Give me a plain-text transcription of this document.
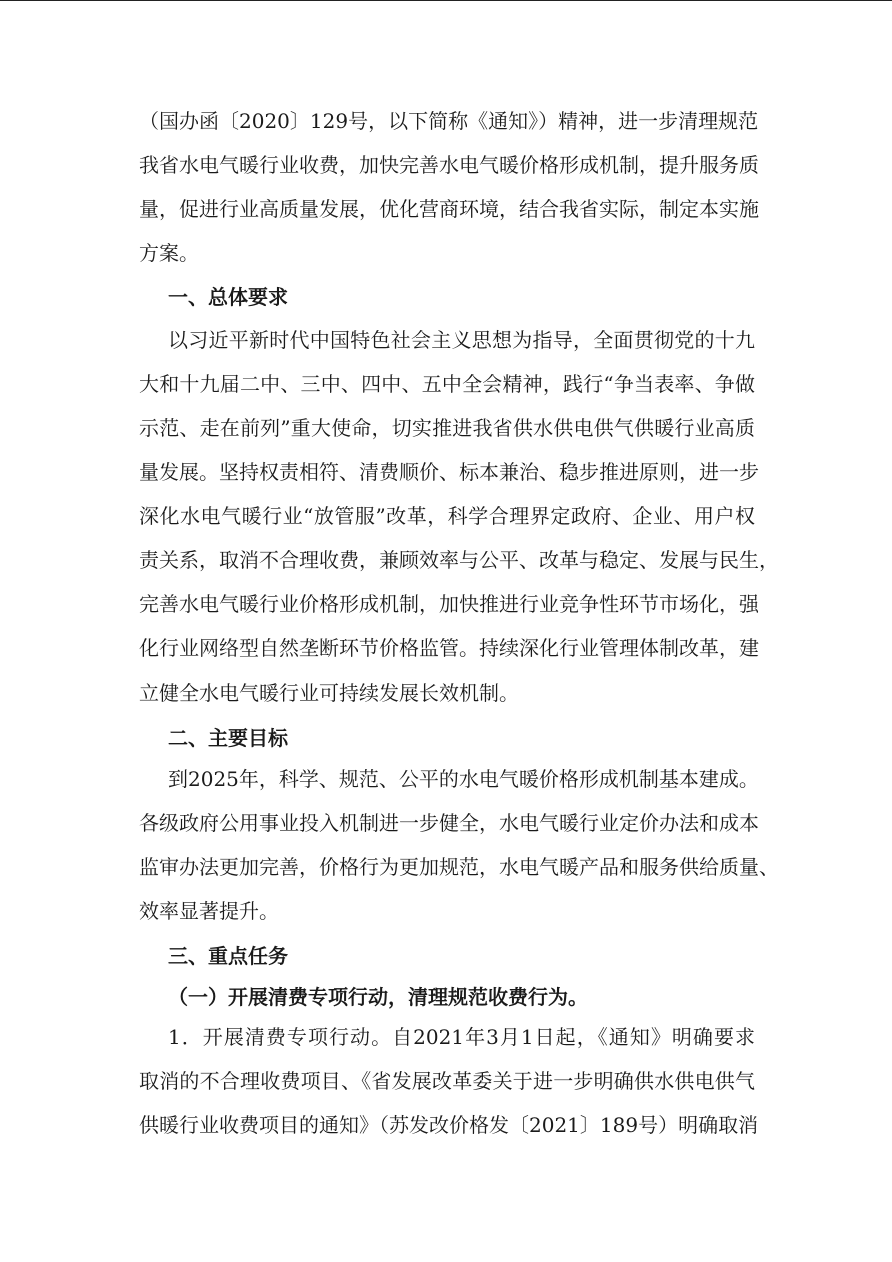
（国办函〔2020〕129号，以下简称《通知》）精神，进一步清理规范
我省水电气暖行业收费，加快完善水电气暖价格形成机制，提升服务质
量，促进行业高质量发展，优化营商环境，结合我省实际，制定本实施
方案。
一、总体要求
以习近平新时代中国特色社会主义思想为指导，全面贯彻党的十九
大和十九届二中、三中、四中、五中全会精神，践行“争当表率、争做
示范、走在前列”重大使命，切实推进我省供水供电供气供暖行业高质
量发展。坚持权责相符、清费顺价、标本兼治、稳步推进原则，进一步
深化水电气暖行业“放管服”改革，科学合理界定政府、企业、用户权
责关系，取消不合理收费，兼顾效率与公平、改革与稳定、发展与民生，
完善水电气暖行业价格形成机制，加快推进行业竞争性环节市场化，强
化行业网络型自然垄断环节价格监管。持续深化行业管理体制改革，建
立健全水电气暖行业可持续发展长效机制。
二、主要目标
到2025年，科学、规范、公平的水电气暖价格形成机制基本建成。
各级政府公用事业投入机制进一步健全，水电气暖行业定价办法和成本
监审办法更加完善，价格行为更加规范，水电气暖产品和服务供给质量、
效率显著提升。
三、重点任务
（一）开展清费专项行动，清理规范收费行为。
1．开展清费专项行动。自2021年3月1日起，《通知》明确要求
取消的不合理收费项目、《省发展改革委关于进一步明确供水供电供气
供暖行业收费项目的通知》（苏发改价格发〔2021〕189号）明确取消
